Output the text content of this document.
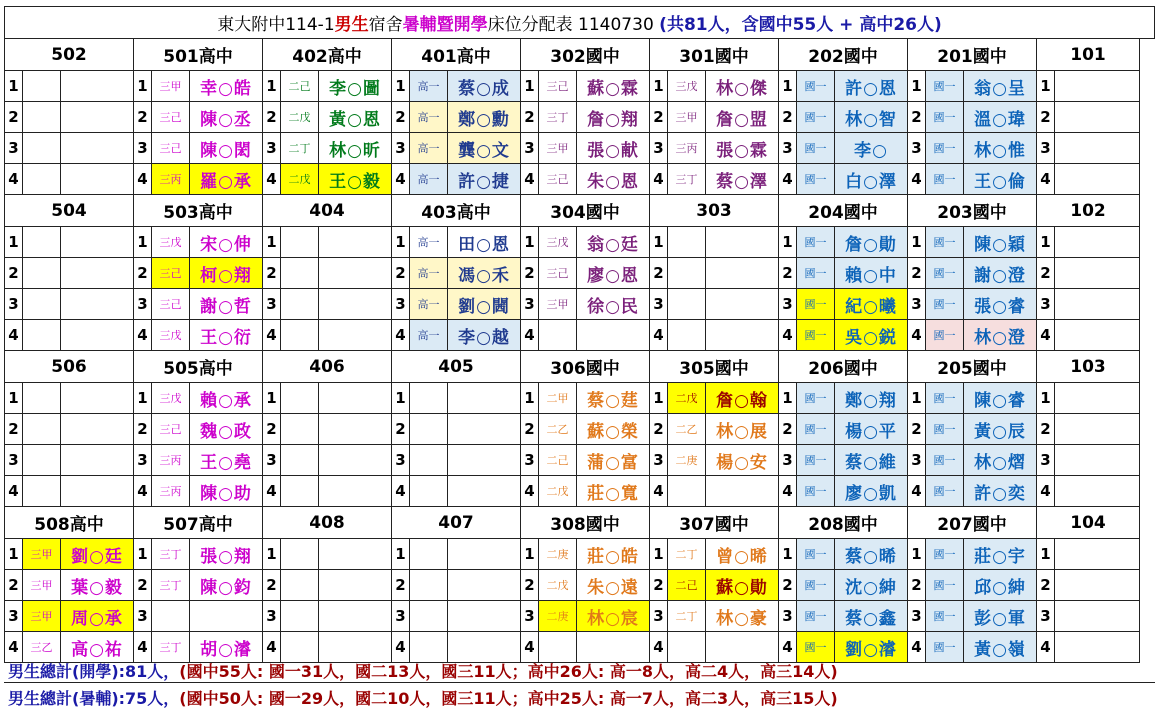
東大附中114-1男生宿舍暑輔暨開學床位分配表 1140730 (共81人，含國中55人 + 高中26人)																									
502			501高中			402高中			401高中			302國中			301國中			202國中			201國中			101	
1			1	三甲	幸○皓	1	二己	李○圖	1	高一	蔡○成	1	三己	蘇○霖	1	三戊	林○傑	1	國一	許○恩	1	國一	翁○呈	1	
2			2	三己	陳○丞	2	二戊	黃○恩	2	高一	鄭○勳	2	三丁	詹○翔	2	三甲	詹○盟	2	國一	林○智	2	國一	溫○瑋	2	
3			3	三己	陳○閎	3	二丁	林○昕	3	高一	龔○文	3	三甲	張○献	3	三丙	張○霖	3	國一	李○	3	國一	林○惟	3	
4			4	三丙	羅○承	4	二戊	王○毅	4	高一	許○捷	4	三己	朱○恩	4	三丁	蔡○澤	4	國一	白○澤	4	國一	王○倫	4	
504			503高中			404			403高中			304國中			303			204國中			203國中			102	
1			1	三戊	宋○伸	1			1	高一	田○恩	1	三戊	翁○廷	1			1	國一	詹○勛	1	國一	陳○穎	1	
2			2	三己	柯○翔	2			2	高一	馮○禾	2	三己	廖○恩	2			2	國一	賴○中	2	國一	謝○澄	2	
3			3	三己	謝○哲	3			3	高一	劉○閪	3	三甲	徐○民	3			3	國一	紀○曦	3	國一	張○睿	3	
4			4	三戊	王○衍	4			4	高一	李○越	4			4			4	國一	吳○鋭	4	國一	林○澄	4	
506			505高中			406			405			306國中			305國中			206國中			205國中			103	
1			1	三戊	賴○承	1			1			1	二甲	蔡○莛	1	二戊	詹○翰	1	國一	鄭○翔	1	國一	陳○睿	1	
2			2	三己	魏○政	2			2			2	二乙	蘇○榮	2	二乙	林○展	2	國一	楊○平	2	國一	黃○辰	2	
3			3	三丙	王○堯	3			3			3	二己	蒲○富	3	二庚	楊○安	3	國一	蔡○維	3	國一	林○熠	3	
4			4	三丙	陳○助	4			4			4	二戊	莊○寬	4			4	國一	廖○凱	4	國一	許○奕	4	
508高中			507高中			408			407			308國中			307國中			208國中			207國中			104	
1	三甲	劉○廷	1	三丁	張○翔	1			1			1	二庚	莊○皓	1	二丁	曾○晞	1	國一	蔡○晞	1	國一	莊○宇	1	
2	三甲	葉○毅	2	三丁	陳○鈞	2			2			2	二戊	朱○遠	2	二己	蘇○勛	2	國一	沈○紳	2	國一	邱○紳	2	
3	三甲	周○承	3			3			3			3	二庚	林○宸	3	二丁	林○豪	3	國一	蔡○鑫	3	國一	彭○軍	3	
4	三乙	高○祐	4	三丁	胡○濬	4			4			4			4			4	國一	劉○濬	4	國一	黃○嶺	4	
男生總計(開學):81人，(國中55人: 國一31人，國二13人，國三11人；高中26人: 高一8人，高二4人，高三14人)
男生總計(暑輔):75人，(國中50人: 國一29人，國二10人，國三11人；高中25人: 高一7人，高二3人，高三15人)
